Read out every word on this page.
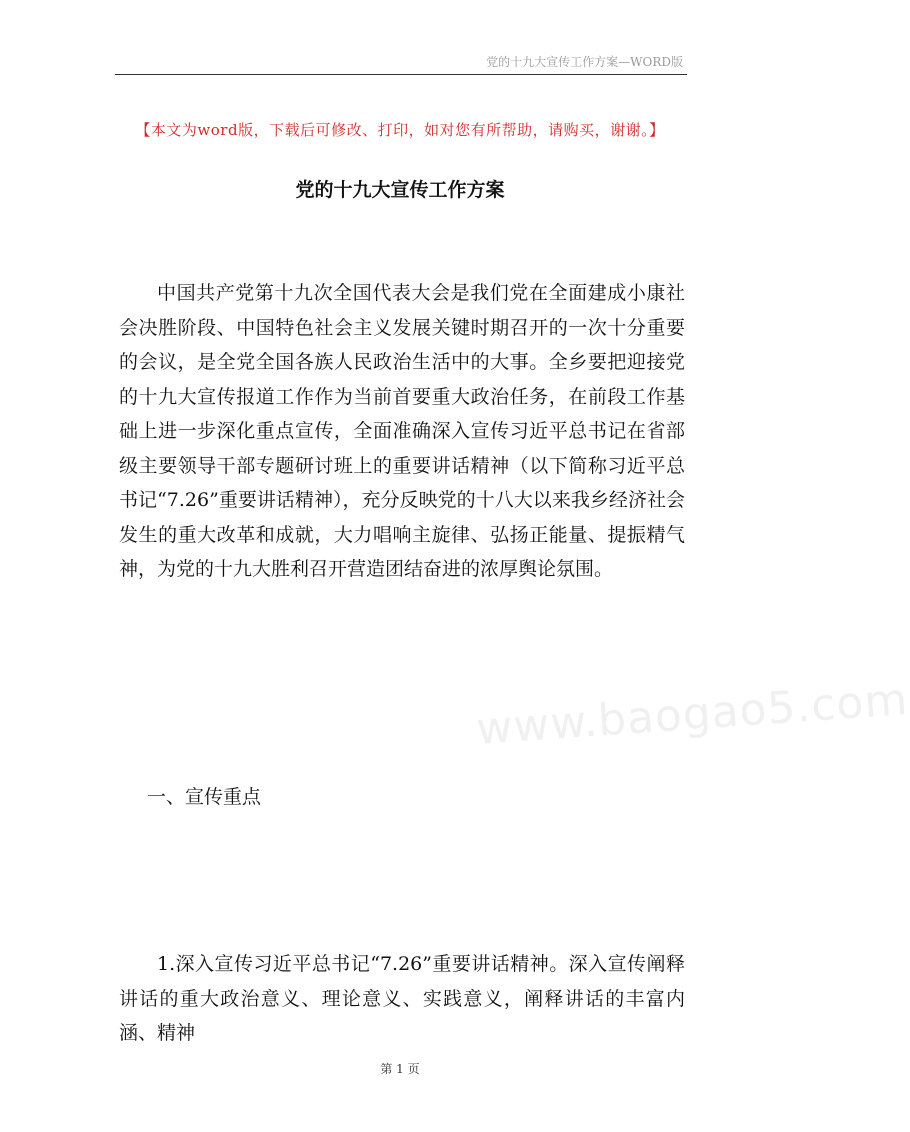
党的十九大宣传工作方案—WORD版
【本文为word版，下载后可修改、打印，如对您有所帮助，请购买，谢谢。】
党的十九大宣传工作方案

中国共产党第十九次全国代表大会是我们党在全面建成小康社会决胜阶段、中国特色社会主义发展关键时期召开的一次十分重要的会议，是全党全国各族人民政治生活中的大事。全乡要把迎接党的十九大宣传报道工作作为当前首要重大政治任务，在前段工作基础上进一步深化重点宣传，全面准确深入宣传习近平总书记在省部级主要领导干部专题研讨班上的重要讲话精神（以下简称习近平总书记“7.26”重要讲话精神），充分反映党的十八大以来我乡经济社会发生的重大改革和成就，大力唱响主旋律、弘扬正能量、提振精气神，为党的十九大胜利召开营造团结奋进的浓厚舆论氛围。

www.baogao5.com
一、宣传重点

1.深入宣传习近平总书记“7.26”重要讲话精神。深入宣传阐释讲话的重大政治意义、理论意义、实践意义，阐释讲话的丰富内涵、精神

第 1 页
